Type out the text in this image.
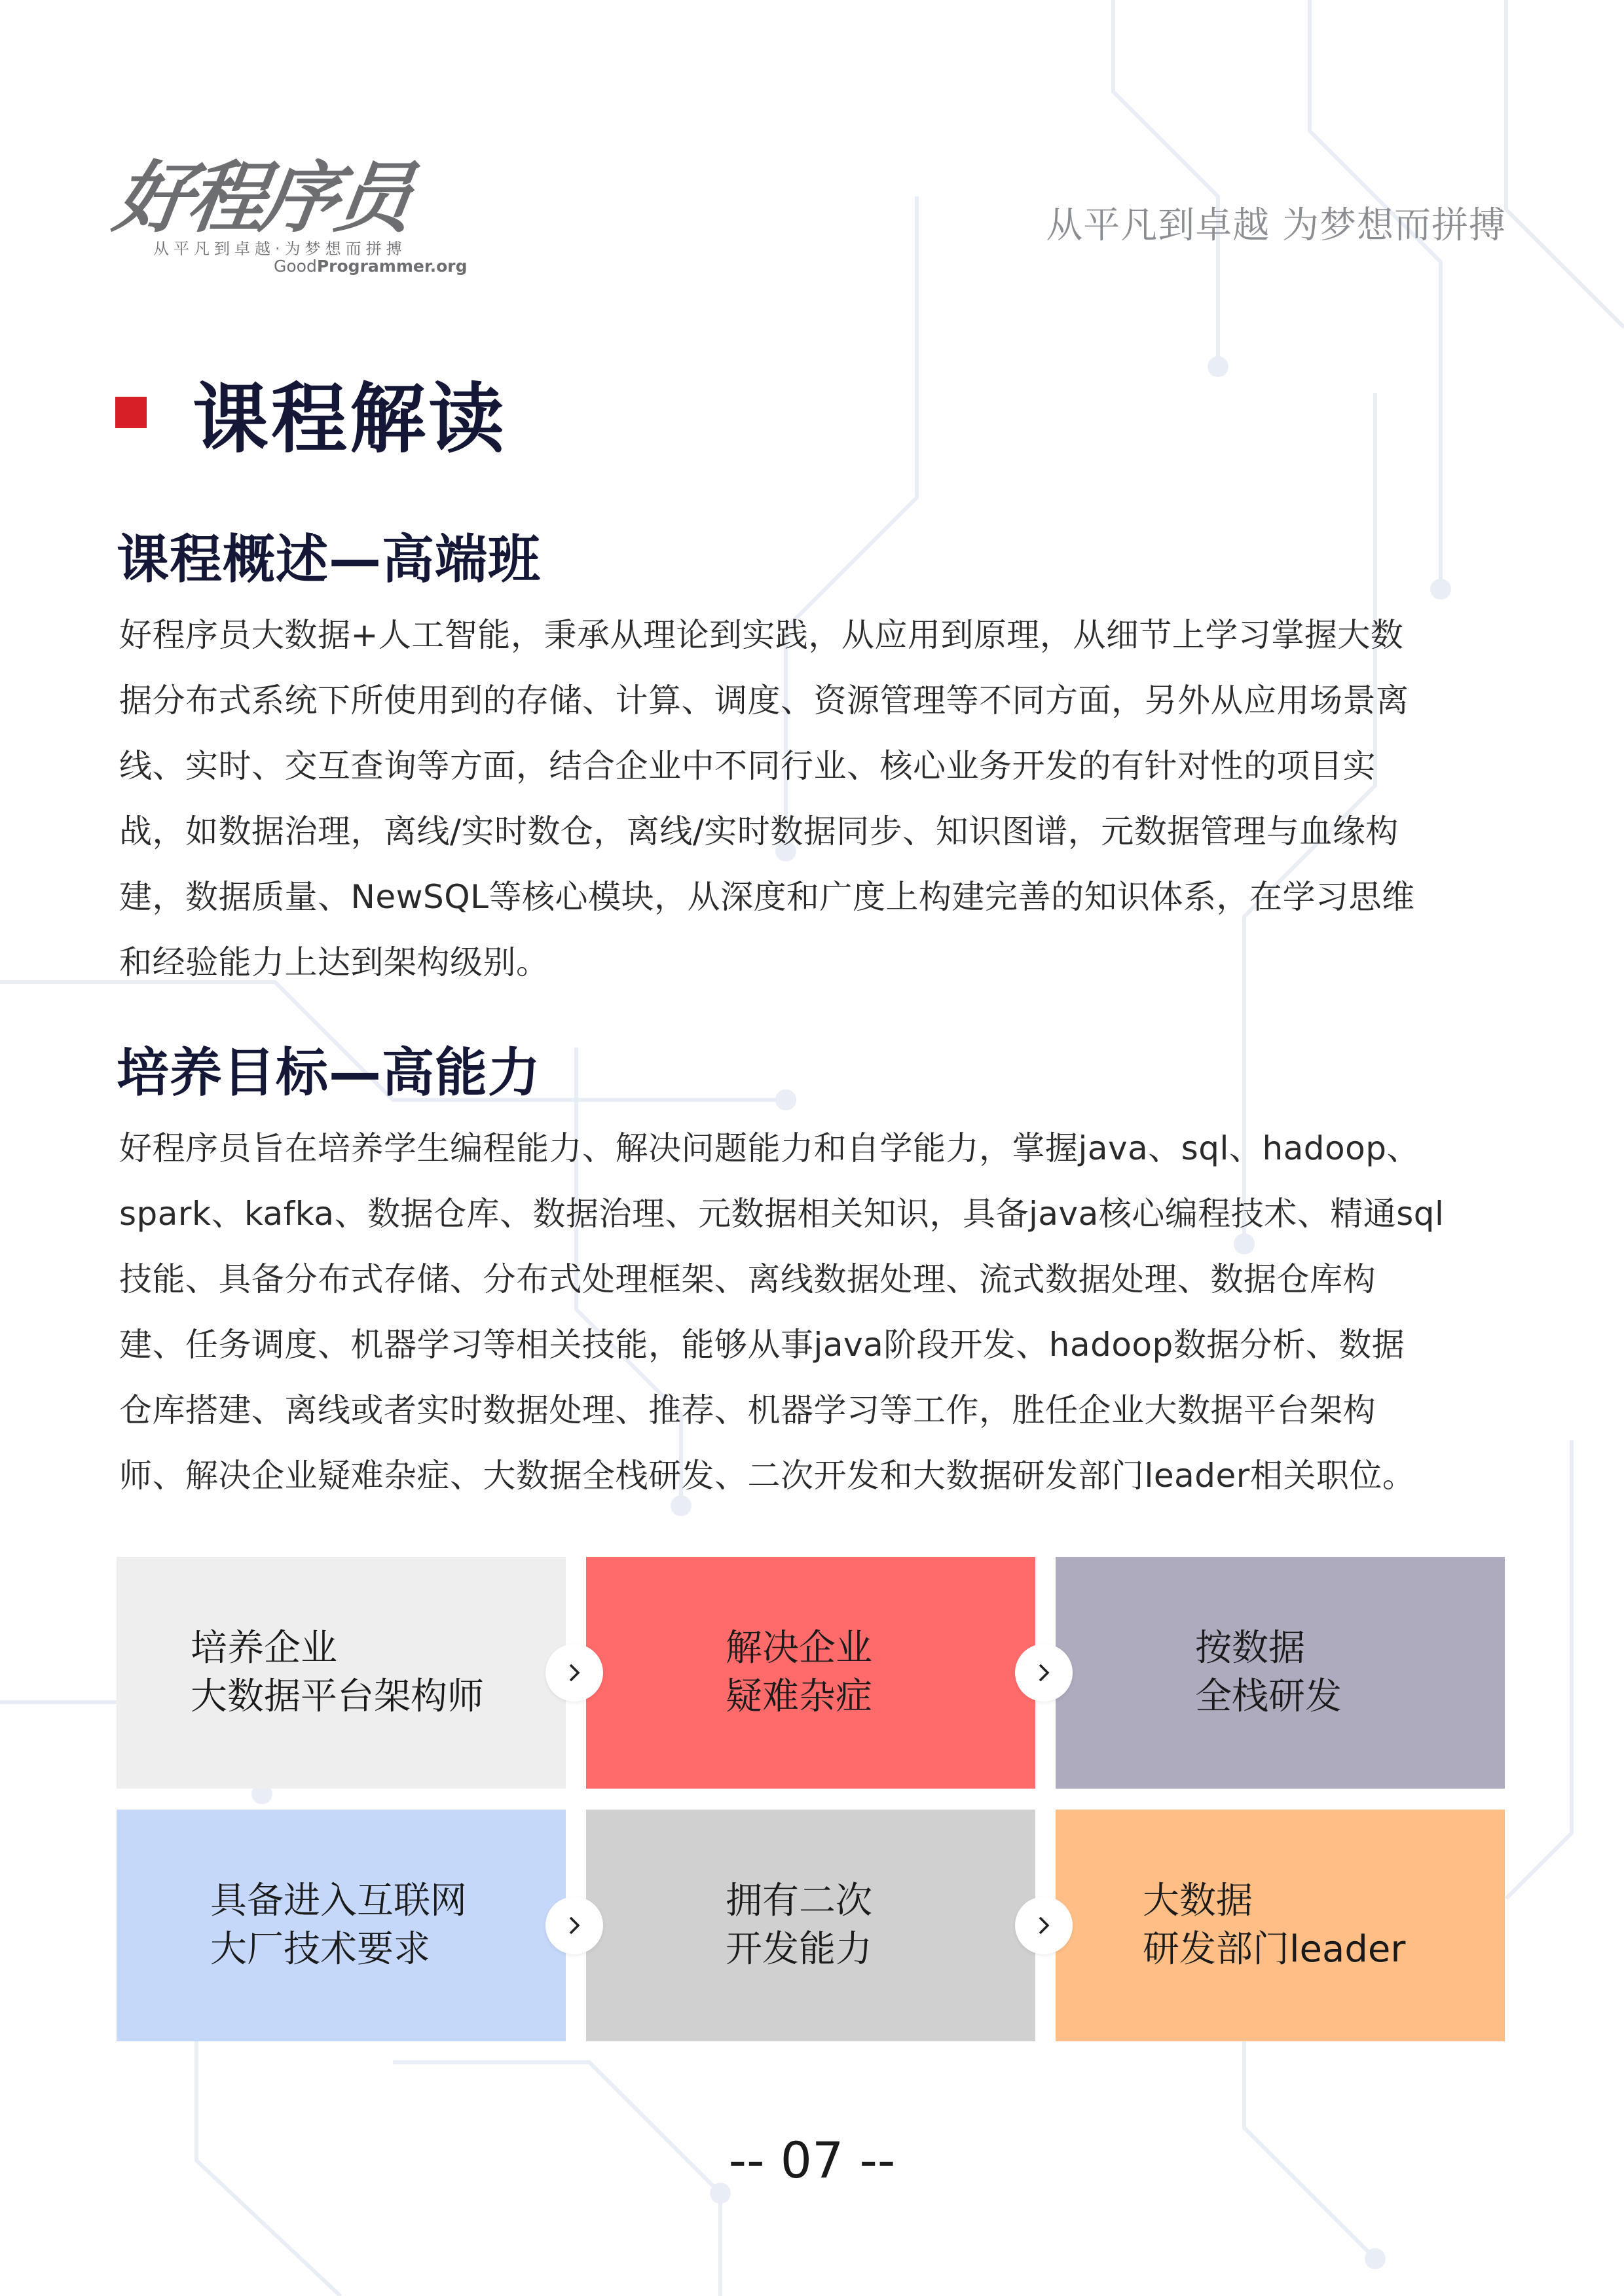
好程序员
从平凡到卓越·为梦想而拼搏
GoodProgrammer.org
从平凡到卓越 为梦想而拼搏
课程解读
课程概述—高端班
好程序员大数据+人工智能，秉承从理论到实践，从应用到原理，从细节上学习掌握大数
据分布式系统下所使用到的存储、计算、调度、资源管理等不同方面，另外从应用场景离
线、实时、交互查询等方面，结合企业中不同行业、核心业务开发的有针对性的项目实
战，如数据治理，离线/实时数仓，离线/实时数据同步、知识图谱，元数据管理与血缘构
建，数据质量、NewSQL等核心模块，从深度和广度上构建完善的知识体系，在学习思维
和经验能力上达到架构级别。
培养目标—高能力
好程序员旨在培养学生编程能力、解决问题能力和自学能力，掌握java、sql、hadoop、
spark、kafka、数据仓库、数据治理、元数据相关知识，具备java核心编程技术、精通sql
技能、具备分布式存储、分布式处理框架、离线数据处理、流式数据处理、数据仓库构
建、任务调度、机器学习等相关技能，能够从事java阶段开发、hadoop数据分析、数据
仓库搭建、离线或者实时数据处理、推荐、机器学习等工作，胜任企业大数据平台架构
师、解决企业疑难杂症、大数据全栈研发、二次开发和大数据研发部门leader相关职位。
培养企业
大数据平台架构师
解决企业
疑难杂症
按数据
全栈研发
具备进入互联网
大厂技术要求
拥有二次
开发能力
大数据
研发部门leader
-- 07 --
